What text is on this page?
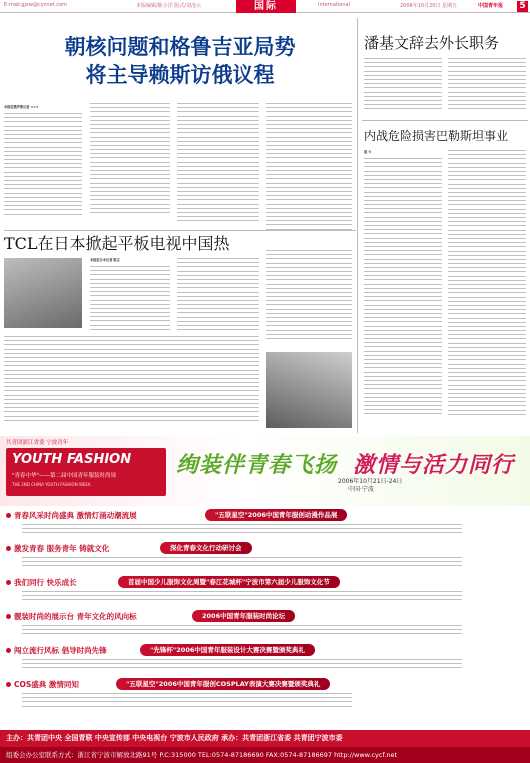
E-mail:gjxw@cycnet.com	本版编辑/陈小洋 版式/刘沧云	International	2006年10月20日 星期五	中国青年报
国际	5
朝核问题和格鲁吉亚局势
将主导赖斯访俄议程
本报驻俄罗斯记者 ×××
TCL在日本掀起平板电视中国热
本报驻日本记者 陈言
潘基文辞去外长职务
内战危险损害巴勒斯坦事业
晨 卡
共青团浙江省委 宁波青年
YOUTH FASHION
"青春中华"——第二届中国青年服装时尚周
THE 2ND CHINA YOUTH FASHION WEEK
绚装伴青春飞扬 激情与活力同行
2006年10月21日-24日
中国·宁波
青春风采时尚盛典 激情灯涌动潮流展	"五联星空"2006中国青年服创动漫作品展
激发青春 服务青年 铸就文化	深化青春文化行动研讨会
我们同行 快乐成长	首届中国少儿服饰文化周暨"春江花城杯"宁波市第六届少儿服饰文化节
靓装时尚的展示台 青年文化的风向标	2006中国青年服装时尚论坛
闯立流行风标 倡导时尚先锋	"先锋杯"2006中国青年服装设计大赛决赛暨颁奖典礼
COS盛典 激情同知	"五联星空"2006中国青年服创COSPLAY表演大赛决赛暨颁奖典礼
主办：共青团中央 全国青联 中央宣传部 中央电视台 宁波市人民政府 承办：共青团浙江省委 共青团宁波市委
组委会办公室联系方式：浙江省宁波市解放北路91号 P.C:315000 TEL:0574-87186690 FAX:0574-87186697 http://www.cycf.net
